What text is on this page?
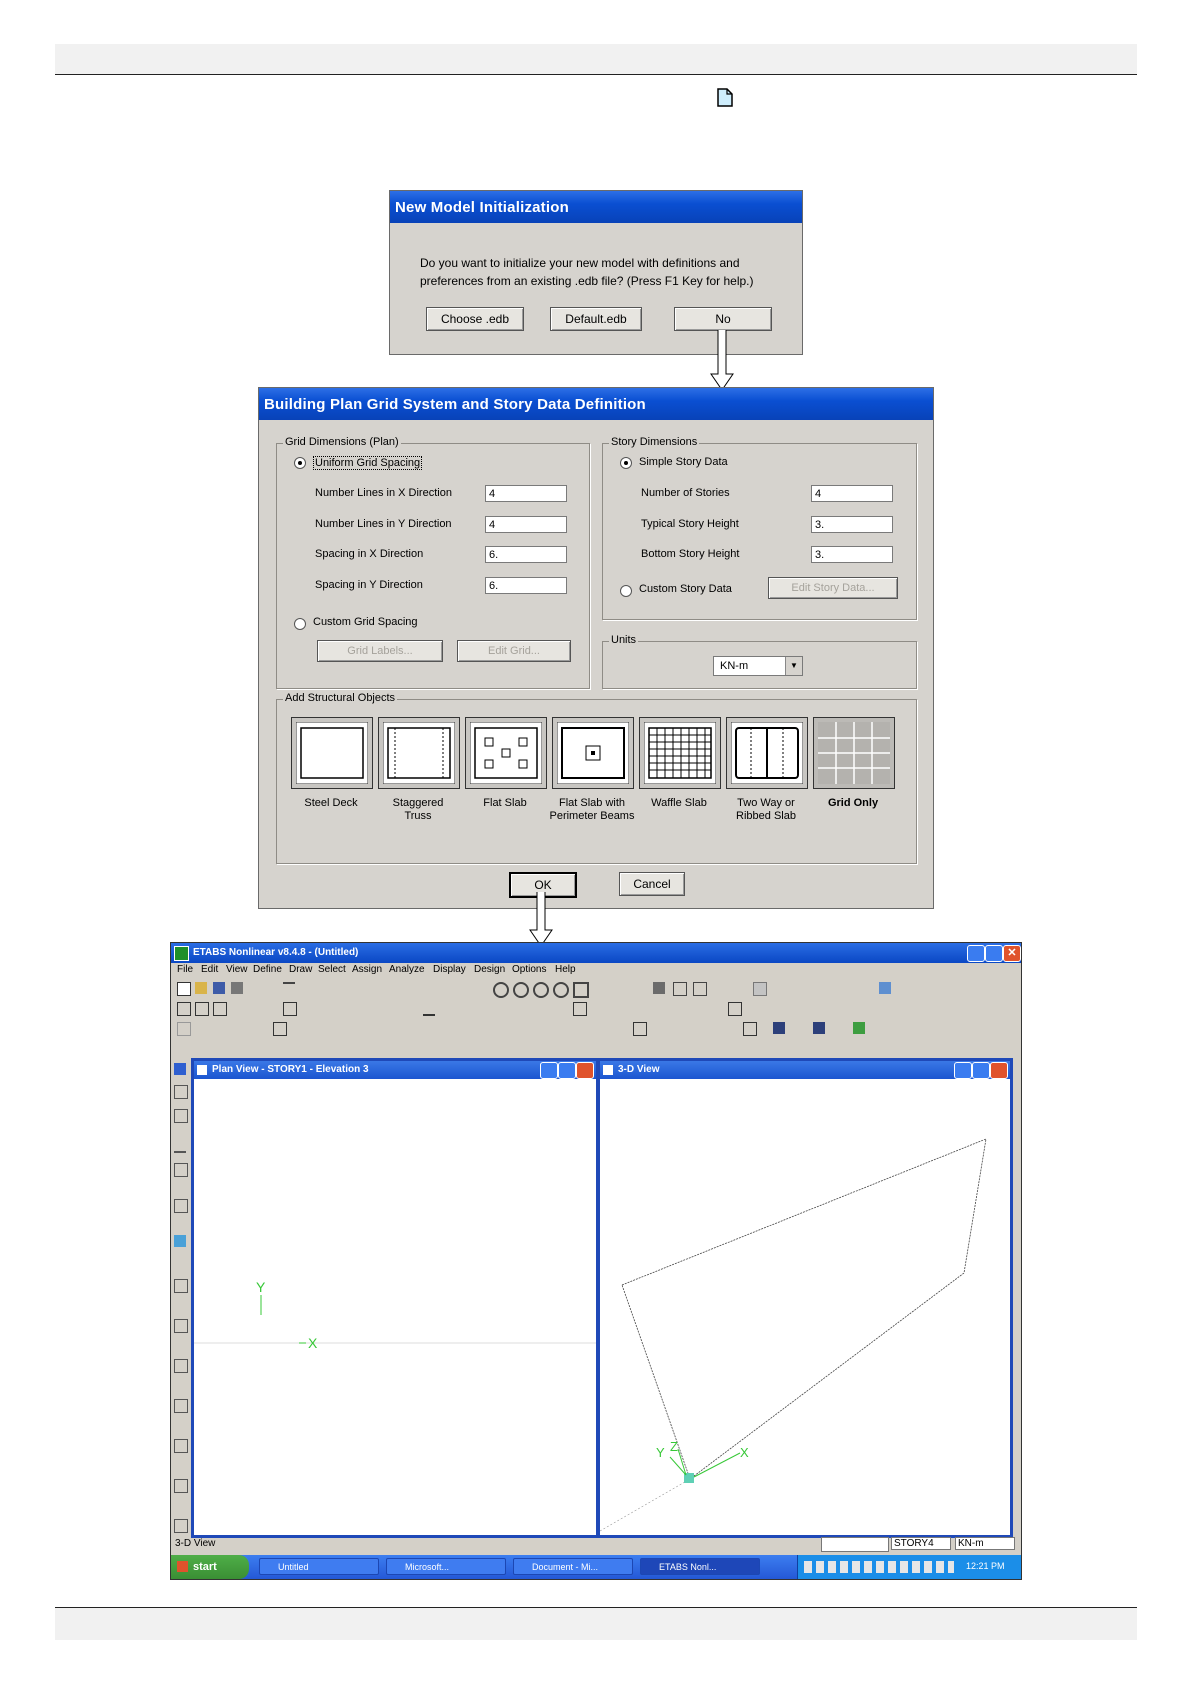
New Model Initialization
Do you want to initialize your new model with definitions and
preferences from an existing .edb file? (Press F1 Key for help.)
Choose .edb	Default.edb	No
Building Plan Grid System and Story Data Definition
Grid Dimensions (Plan)
Uniform Grid Spacing
Number Lines in X Direction	4
Number Lines in Y Direction	4
Spacing in X Direction	6.
Spacing in Y Direction	6.
Custom Grid Spacing
Grid Labels...	Edit Grid...
Story Dimensions
Simple Story Data
Number of Stories	4
Typical Story Height	3.
Bottom Story Height	3.
Custom Story Data	Edit Story Data...
Units
KN-m	▼
Add Structural Objects
Steel Deck	Staggered
Truss
Flat Slab	Flat Slab with
Perimeter Beams
Waffle Slab	Two Way or
Ribbed Slab
Grid Only
OK	Cancel
ETABS Nonlinear v8.4.8 - (Untitled)	✕
File Edit View Define Draw Select Assign Analyze Display Design Options Help
Plan View - STORY1 - Elevation 3
Y
X
3-D View
Y Z	X
3-D View	STORY4	KN-m
start	Untitled	Microsoft...	Document - Mi...	ETABS Nonl...	12:21 PM
